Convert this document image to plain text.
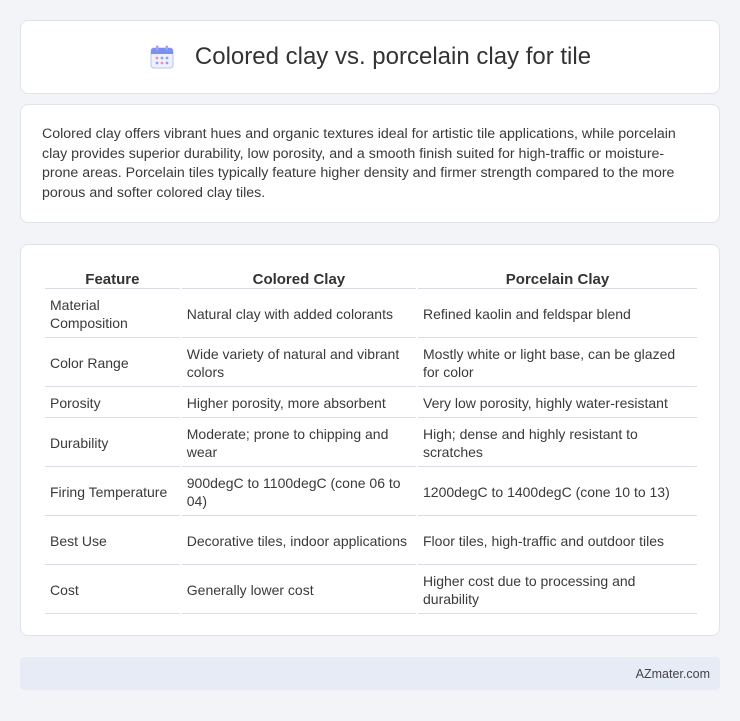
Colored clay vs. porcelain clay for tile

Colored clay offers vibrant hues and organic textures ideal for artistic tile applications, while porcelain clay provides superior durability, low porosity, and a smooth finish suited for high-traffic or moisture-prone areas. Porcelain tiles typically feature higher density and firmer strength compared to the more porous and softer colored clay tiles.

Feature	Colored Clay	Porcelain Clay
Material Composition	Natural clay with added colorants	Refined kaolin and feldspar blend
Color Range	Wide variety of natural and vibrant colors	Mostly white or light base, can be glazed for color
Porosity	Higher porosity, more absorbent	Very low porosity, highly water-resistant
Durability	Moderate; prone to chipping and wear	High; dense and highly resistant to scratches
Firing Temperature	900degC to 1100degC (cone 06 to 04)	1200degC to 1400degC (cone 10 to 13)
Best Use	Decorative tiles, indoor applications	Floor tiles, high-traffic and outdoor tiles
Cost	Generally lower cost	Higher cost due to processing and durability
AZmater.com
